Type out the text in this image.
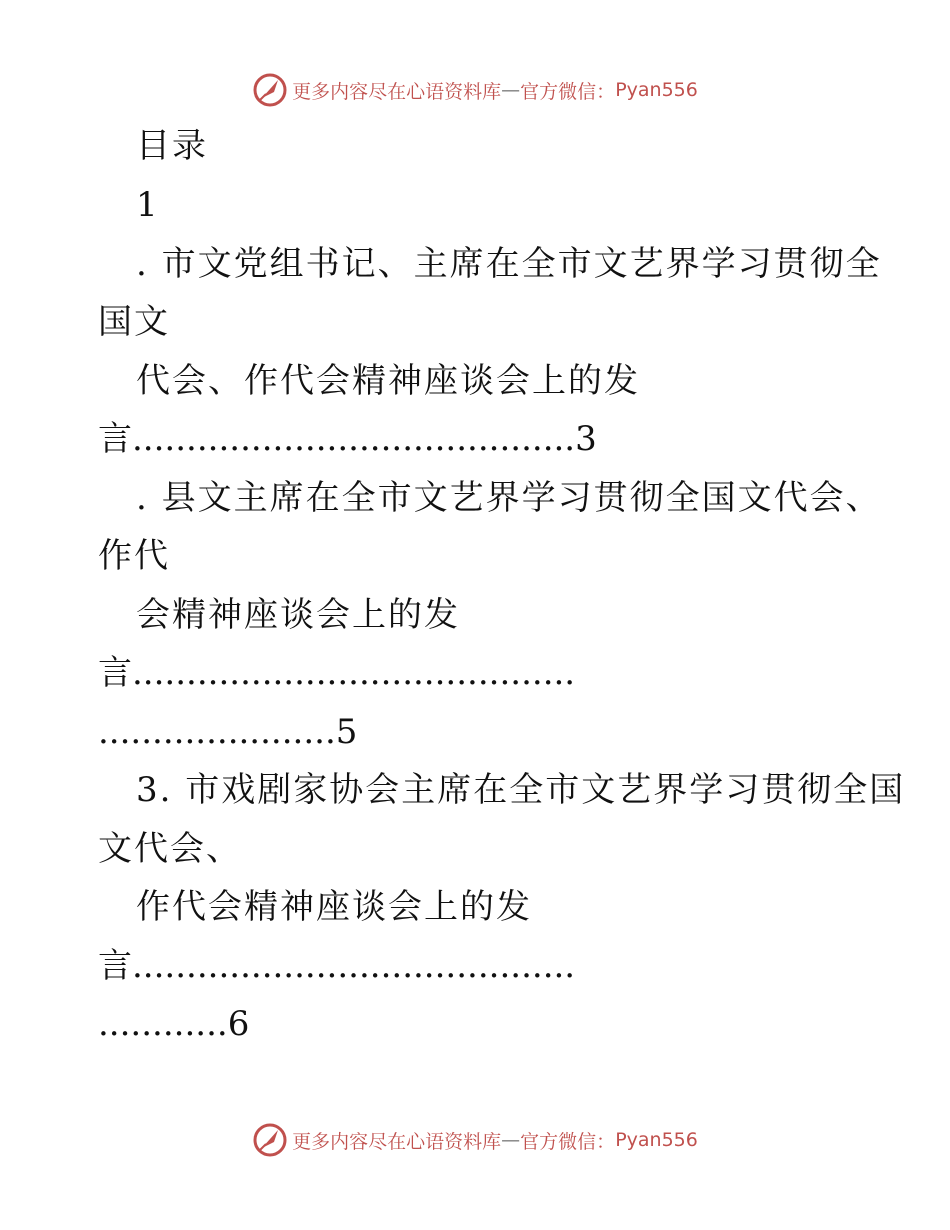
更多内容尽在心语资料库 — 官方微信： Pyan556
目录
1
. 市文党组书记、主席在全市文艺界学习贯彻全
国文
代会、作代会精神座谈会上的发
言.........................................3
. 县文主席在全市文艺界学习贯彻全国文代会、
作代
会精神座谈会上的发
言.........................................
......................5
3. 市戏剧家协会主席在全市文艺界学习贯彻全国
文代会、
作代会精神座谈会上的发
言.........................................
............6
更多内容尽在心语资料库 — 官方微信： Pyan556
